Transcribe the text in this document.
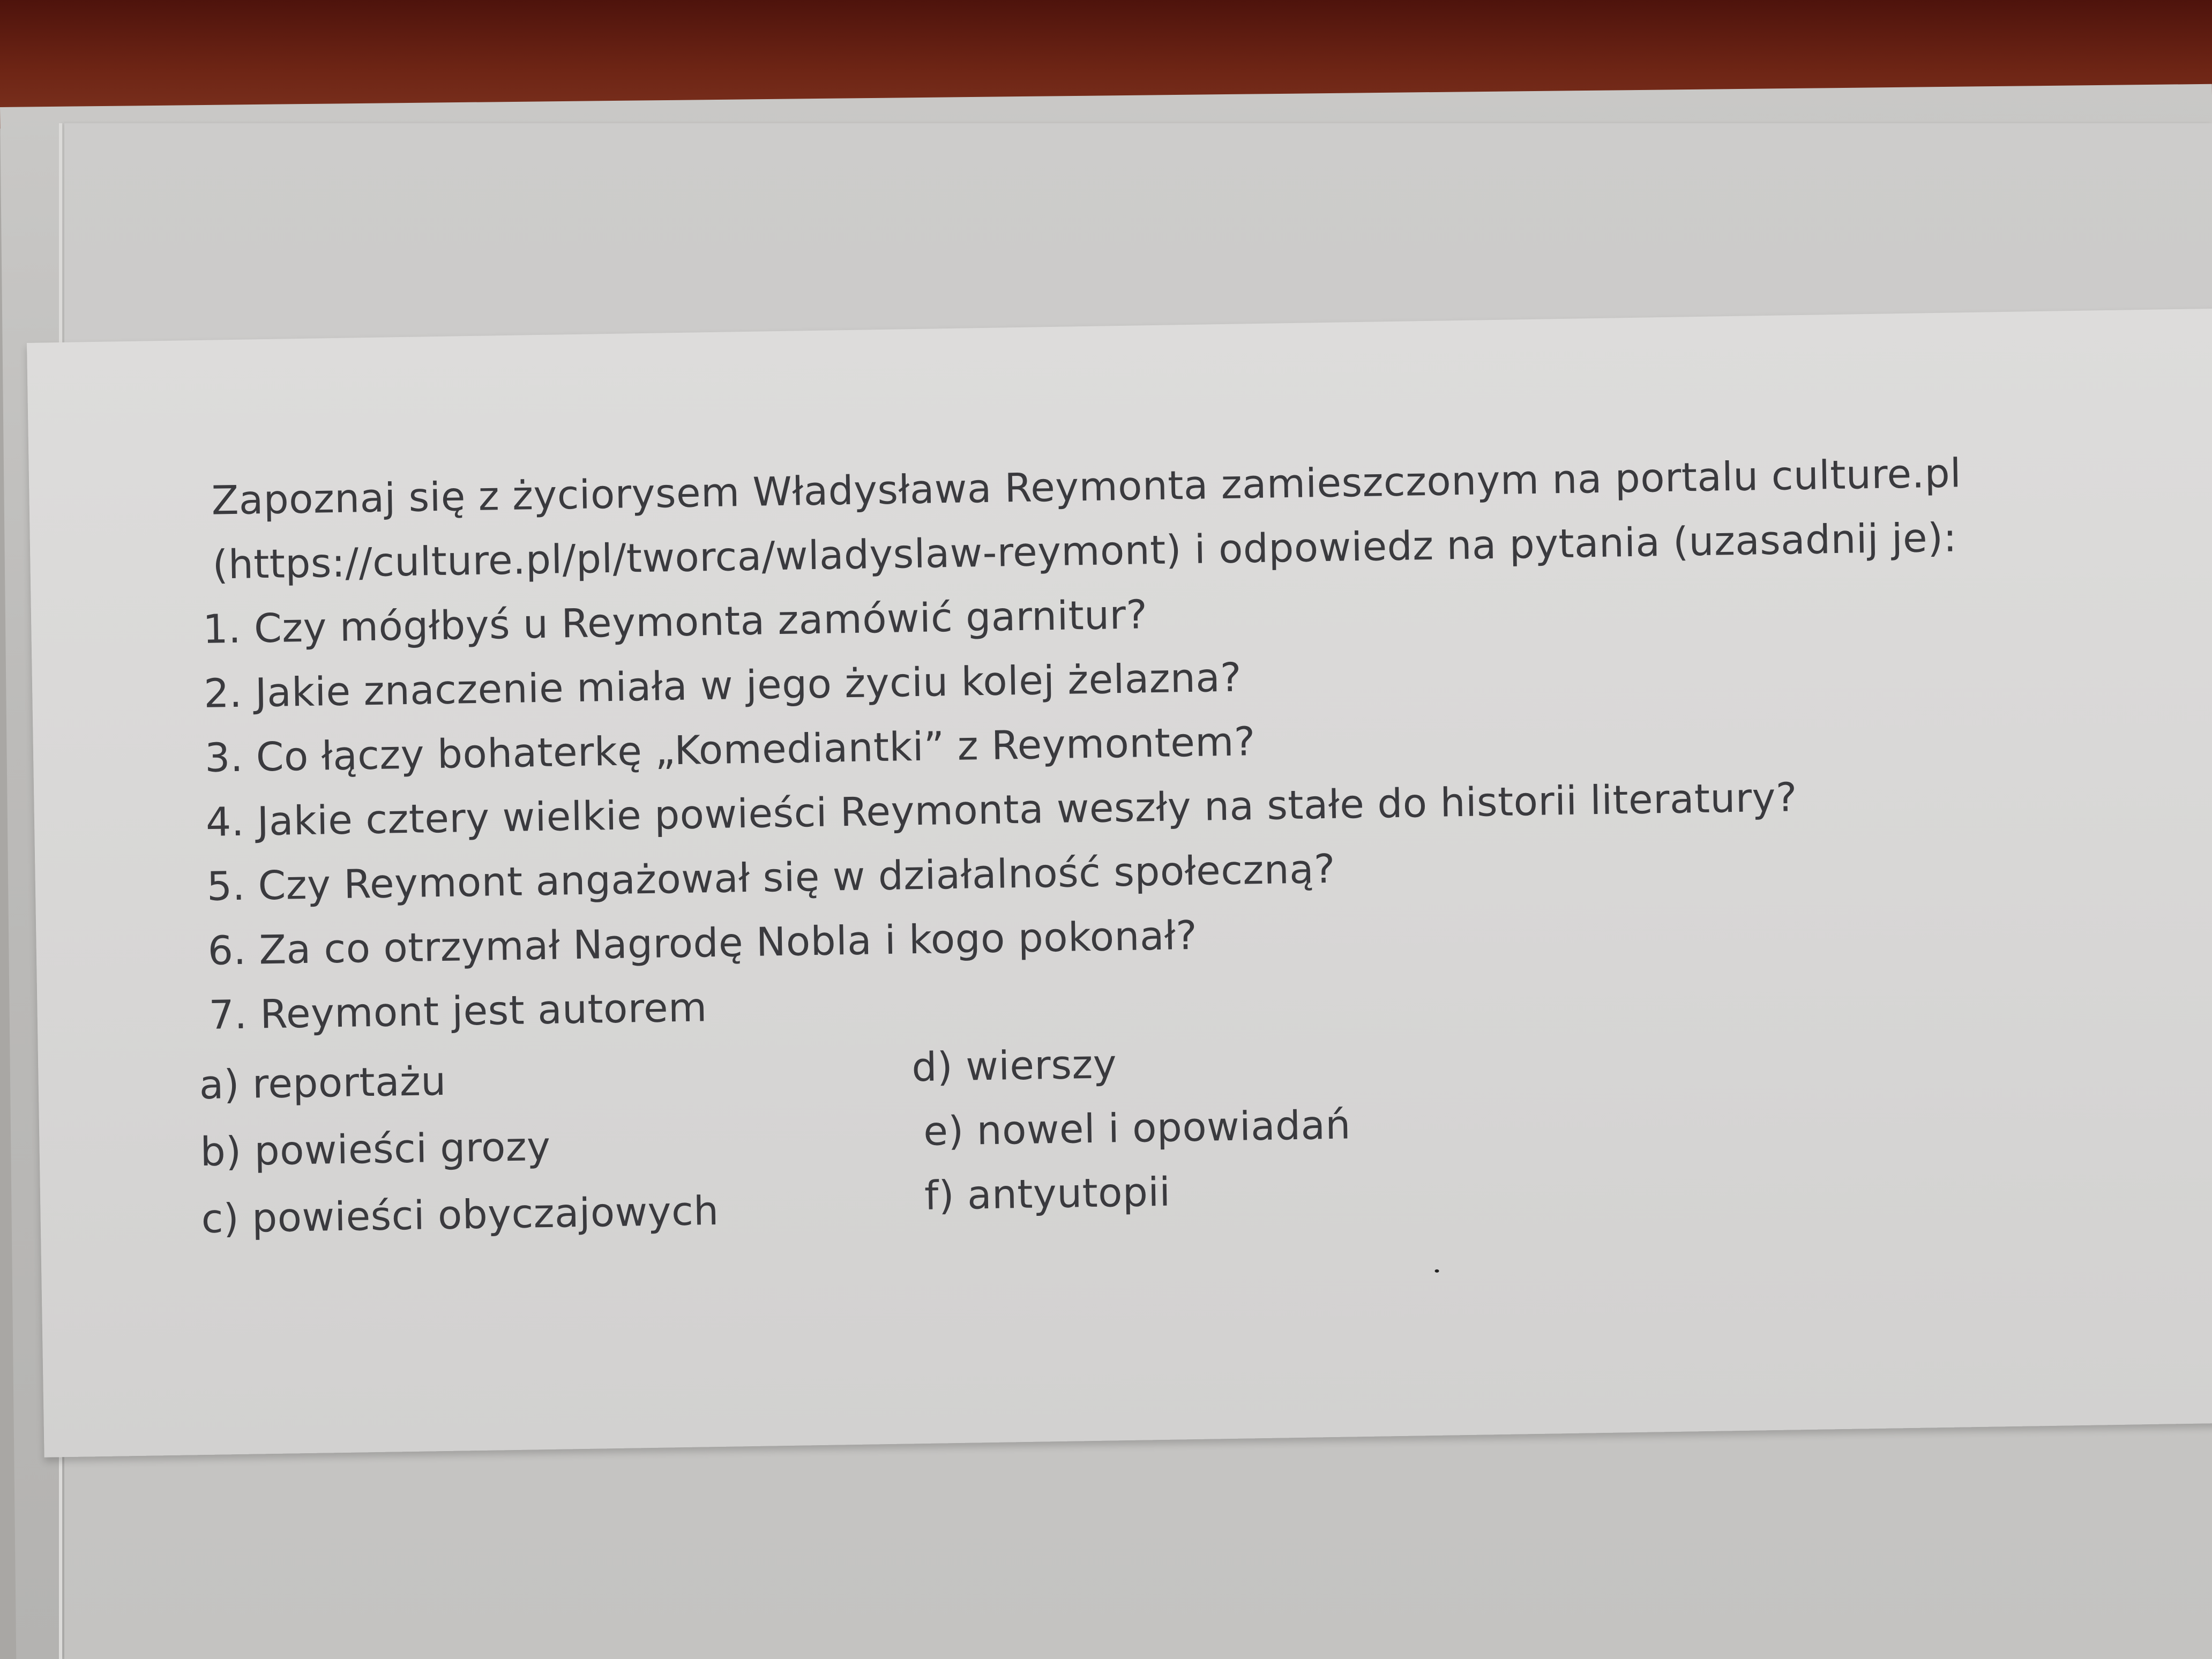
Zapoznaj się z życiorysem Władysława Reymonta zamieszczonym na portalu culture.pl
(https://culture.pl/pl/tworca/wladyslaw-reymont) i odpowiedz na pytania (uzasadnij je):
1. Czy mógłbyś u Reymonta zamówić garnitur?
2. Jakie znaczenie miała w jego życiu kolej żelazna?
3. Co łączy bohaterkę „Komediantki” z Reymontem?
4. Jakie cztery wielkie powieści Reymonta weszły na stałe do historii literatury?
5. Czy Reymont angażował się w działalność społeczną?
6. Za co otrzymał Nagrodę Nobla i kogo pokonał?
7. Reymont jest autorem
a) reportażu
b) powieści grozy
c) powieści obyczajowych
d) wierszy
e) nowel i opowiadań
f) antyutopii
